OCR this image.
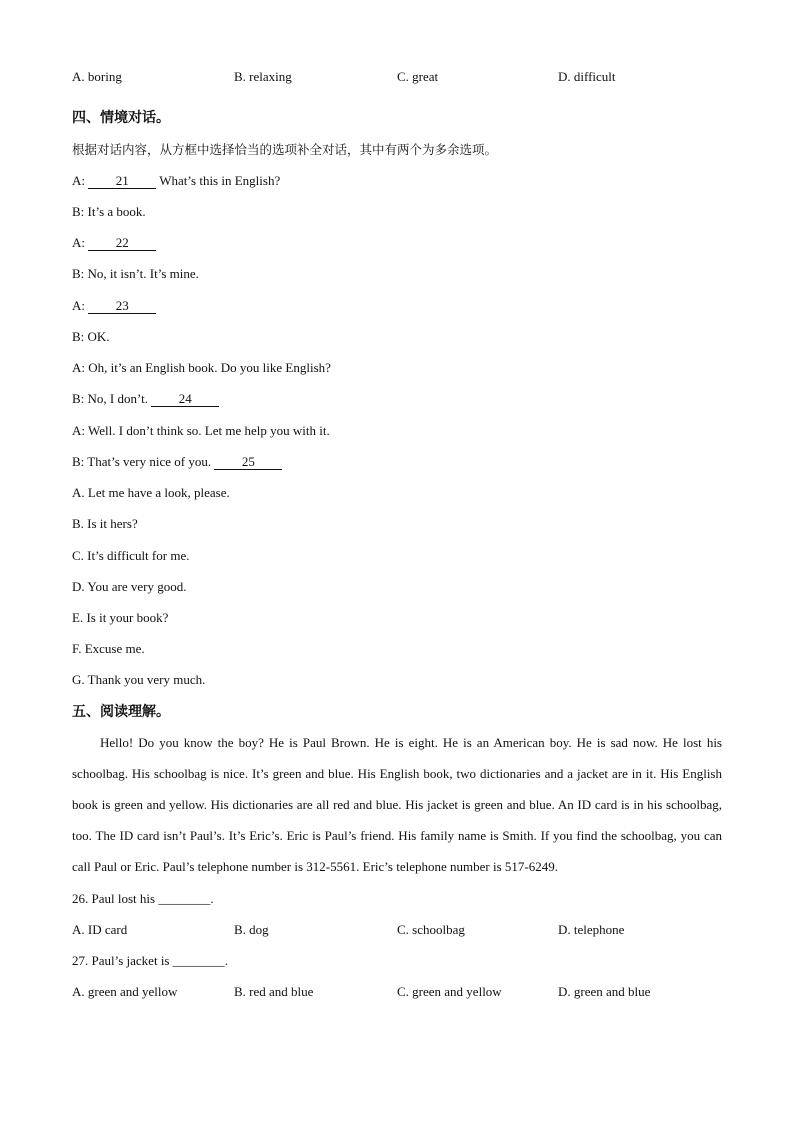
A. boring	B. relaxing	C. great	D. difficult
四、情境对话。
根据对话内容，从方框中选择恰当的选项补全对话，其中有两个为多余选项。
A: 21 What’s this in English?
B: It’s a book.
A: 22
B: No, it isn’t. It’s mine.
A: 23
B: OK.
A: Oh, it’s an English book. Do you like English?
B: No, I don’t. 24
A: Well. I don’t think so. Let me help you with it.
B: That’s very nice of you. 25
A. Let me have a look, please.
B. Is it hers?
C. It’s difficult for me.
D. You are very good.
E. Is it your book?
F. Excuse me.
G. Thank you very much.
五、阅读理解。
Hello! Do you know the boy? He is Paul Brown. He is eight. He is an American boy. He is sad now. He lost his schoolbag. His schoolbag is nice. It’s green and blue. His English book, two dictionaries and a jacket are in it. His English book is green and yellow. His dictionaries are all red and blue. His jacket is green and blue. An ID card is in his schoolbag, too. The ID card isn’t Paul’s. It’s Eric’s. Eric is Paul’s friend. His family name is Smith. If you find the schoolbag, you can call Paul or Eric. Paul’s telephone number is 312-5561. Eric’s telephone number is 517-6249.
26. Paul lost his ________.
A. ID card	B. dog	C. schoolbag	D. telephone
27. Paul’s jacket is ________.
A. green and yellow	B. red and blue	C. green and yellow	D. green and blue
